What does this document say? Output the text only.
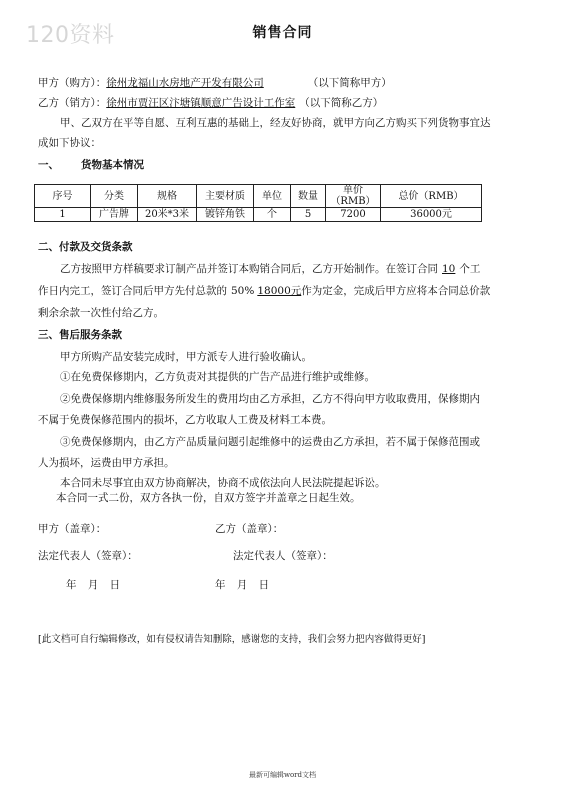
120资料	销售合同
甲方（购方）：徐州龙福山水房地产开发有限公司	（以下简称甲方）
乙方（销方）：徐州市贾汪区汴塘镇顺意广告设计工作室 （以下简称乙方）
甲、乙双方在平等自愿、互利互惠的基础上，经友好协商，就甲方向乙方购买下列货物事宜达
成如下协议：
一、 货物基本情况
序号	分类	规格	主要材质	单位	数量	单价（RMB）	总价（RMB）
1	广告牌	20米*3米	镀锌角铁	个	5	7200	36000元
二、付款及交货条款
乙方按照甲方样稿要求订制产品并签订本购销合同后，乙方开始制作。在签订合同 10 个工
作日内完工，签订合同后甲方先付总款的 50% 18000元作为定金，完成后甲方应将本合同总价款
剩余余款一次性付给乙方。
三、售后服务条款
甲方所购产品安装完成时，甲方派专人进行验收确认。
①在免费保修期内，乙方负责对其提供的广告产品进行维护或维修。
②免费保修期内维修服务所发生的费用均由乙方承担，乙方不得向甲方收取费用，保修期内
不属于免费保修范围内的损坏，乙方收取人工费及材料工本费。
③免费保修期内，由乙方产品质量问题引起维修中的运费由乙方承担，若不属于保修范围或
人为损坏，运费由甲方承担。
本合同未尽事宜由双方协商解决，协商不成依法向人民法院提起诉讼。
本合同一式二份，双方各执一份，自双方签字并盖章之日起生效。
甲方（盖章）：	乙方（盖章）：
法定代表人（签章）：	法定代表人（签章）：
年 月 日	年 月 日
[此文档可自行编辑修改，如有侵权请告知删除，感谢您的支持，我们会努力把内容做得更好]
最新可编辑word文档
